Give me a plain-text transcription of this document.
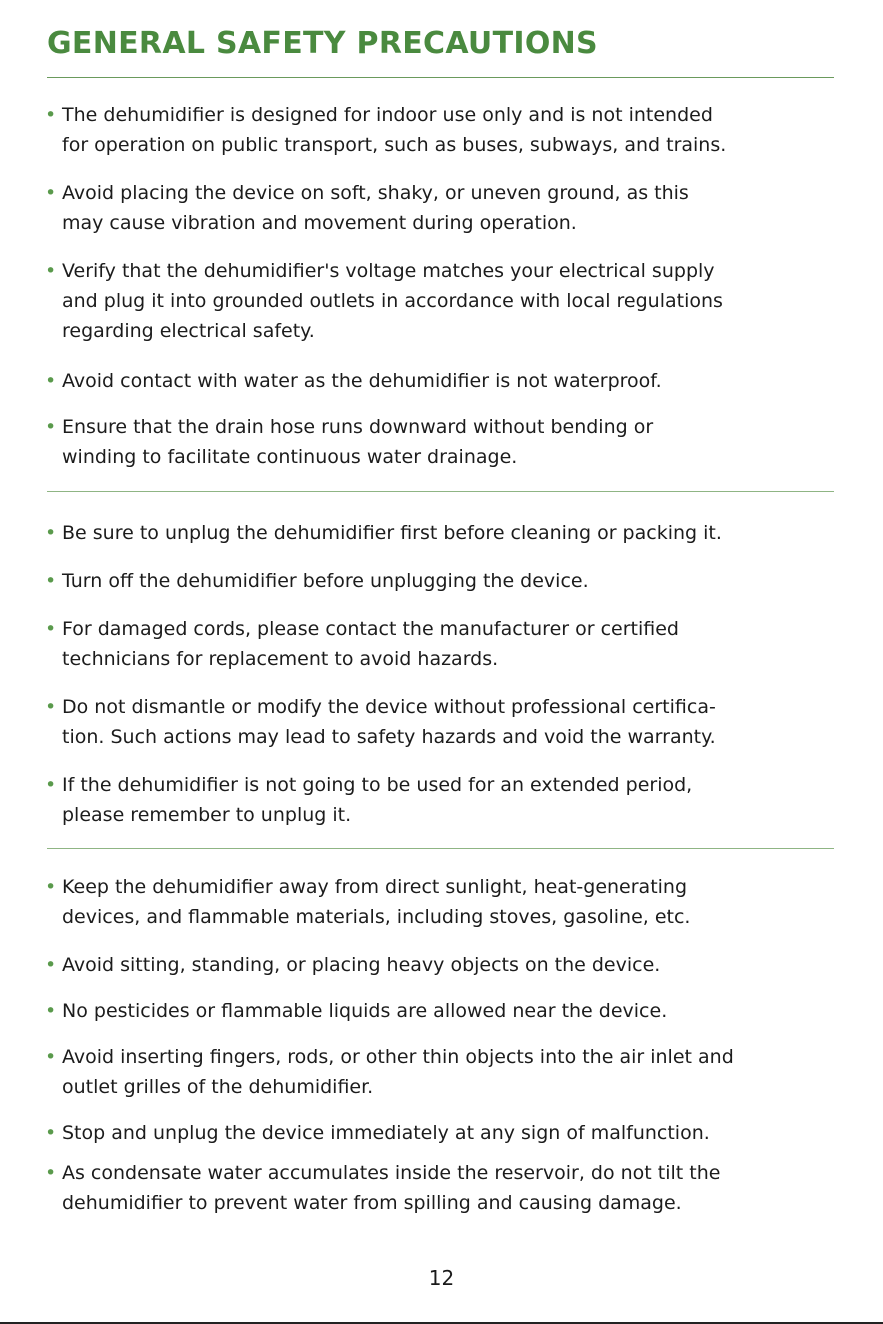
GENERAL SAFETY PRECAUTIONS
• The dehumidifier is designed for indoor use only and is not intended
for operation on public transport, such as buses, subways, and trains.
• Avoid placing the device on soft, shaky, or uneven ground, as this
may cause vibration and movement during operation.
• Verify that the dehumidifier's voltage matches your electrical supply
and plug it into grounded outlets in accordance with local regulations
regarding electrical safety.
• Avoid contact with water as the dehumidifier is not waterproof.
• Ensure that the drain hose runs downward without bending or
winding to facilitate continuous water drainage.
• Be sure to unplug the dehumidifier first before cleaning or packing it.
• Turn off the dehumidifier before unplugging the device.
• For damaged cords, please contact the manufacturer or certified
technicians for replacement to avoid hazards.
• Do not dismantle or modify the device without professional certifica-
tion. Such actions may lead to safety hazards and void the warranty.
• If the dehumidifier is not going to be used for an extended period,
please remember to unplug it.
• Keep the dehumidifier away from direct sunlight, heat-generating
devices, and flammable materials, including stoves, gasoline, etc.
• Avoid sitting, standing, or placing heavy objects on the device.
• No pesticides or flammable liquids are allowed near the device.
• Avoid inserting fingers, rods, or other thin objects into the air inlet and
outlet grilles of the dehumidifier.
• Stop and unplug the device immediately at any sign of malfunction.
• As condensate water accumulates inside the reservoir, do not tilt the
dehumidifier to prevent water from spilling and causing damage.
12
